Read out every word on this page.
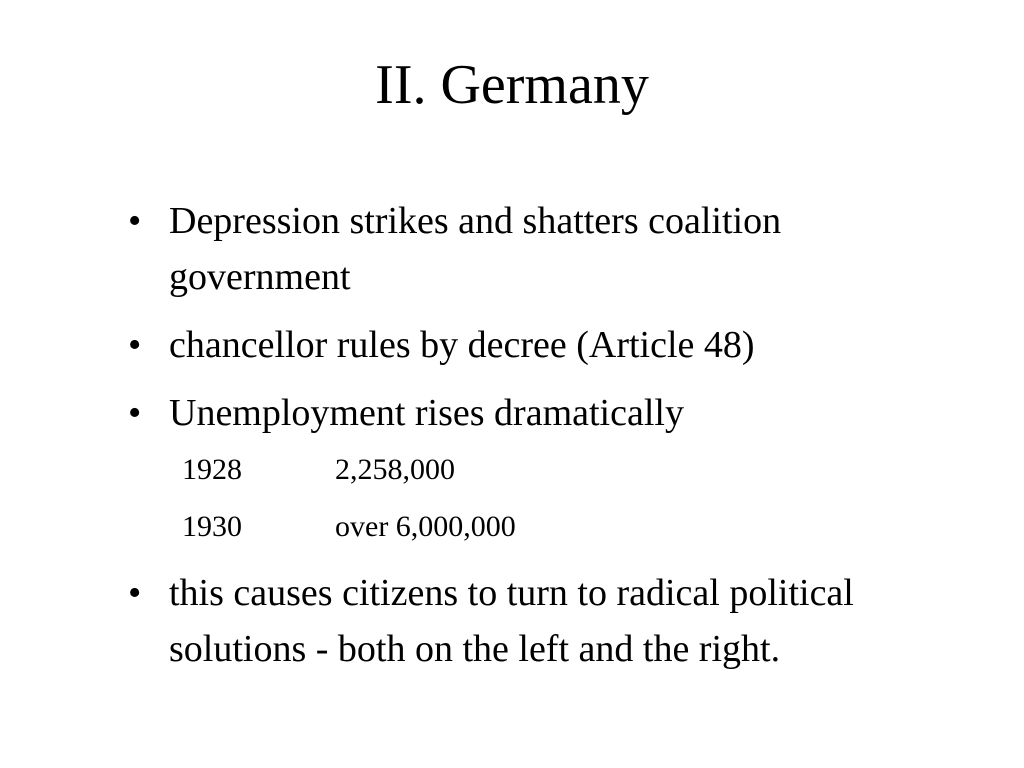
II. Germany
• Depression strikes and shatters coalition government
• chancellor rules by decree (Article 48)
• Unemployment rises dramatically
1928	2,258,000
1930	over 6,000,000
• this causes citizens to turn to radical political solutions - both on the left and the right.
